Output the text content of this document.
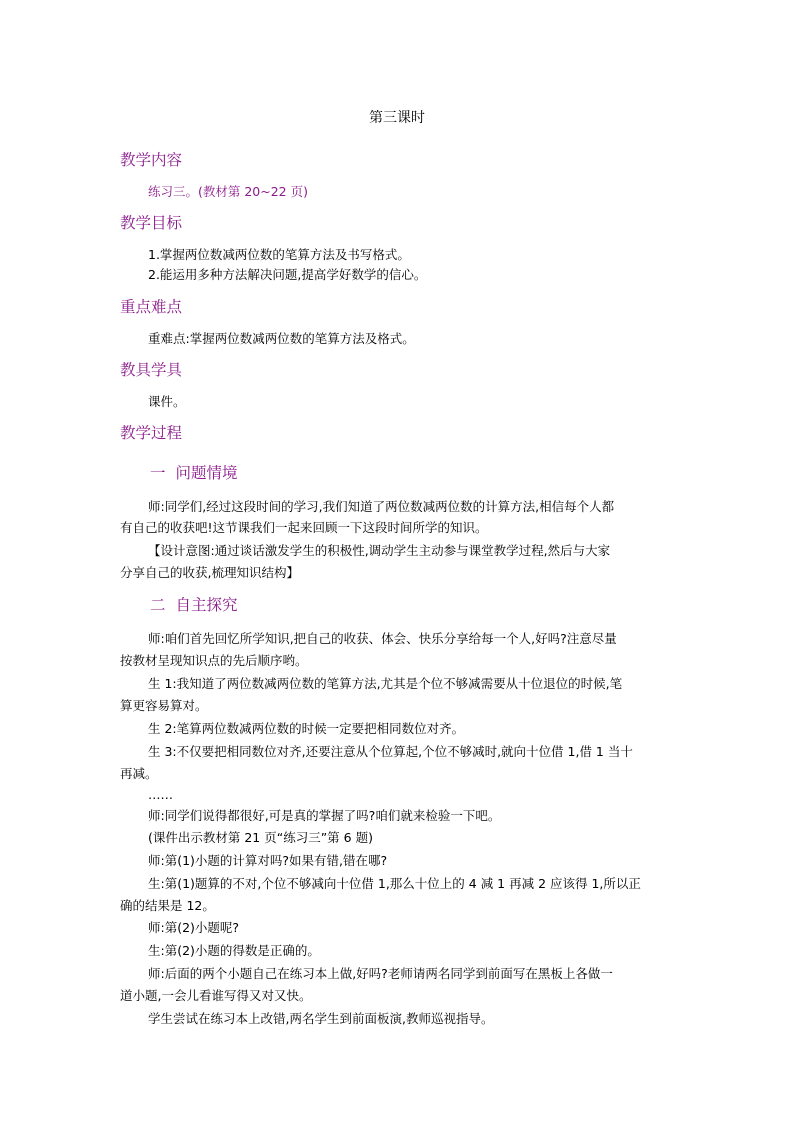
第三课时
教学内容
练习三。(教材第 20~22 页)
教学目标
1.掌握两位数减两位数的笔算方法及书写格式。
2.能运用多种方法解决问题,提高学好数学的信心。
重点难点
重难点:掌握两位数减两位数的笔算方法及格式。
教具学具
课件。
教学过程
一 问题情境
师:同学们,经过这段时间的学习,我们知道了两位数减两位数的计算方法,相信每个人都
有自己的收获吧!这节课我们一起来回顾一下这段时间所学的知识。
【设计意图:通过谈话激发学生的积极性,调动学生主动参与课堂教学过程,然后与大家
分享自己的收获,梳理知识结构】
二 自主探究
师:咱们首先回忆所学知识,把自己的收获、体会、快乐分享给每一个人,好吗?注意尽量
按教材呈现知识点的先后顺序哟。
生 1:我知道了两位数减两位数的笔算方法,尤其是个位不够减需要从十位退位的时候,笔
算更容易算对。
生 2:笔算两位数减两位数的时候一定要把相同数位对齐。
生 3:不仅要把相同数位对齐,还要注意从个位算起,个位不够减时,就向十位借 1,借 1 当十
再减。
……
师:同学们说得都很好,可是真的掌握了吗?咱们就来检验一下吧。
(课件出示教材第 21 页“练习三”第 6 题)
师:第(1)小题的计算对吗?如果有错,错在哪?
生:第(1)题算的不对,个位不够减向十位借 1,那么十位上的 4 减 1 再减 2 应该得 1,所以正
确的结果是 12。
师:第(2)小题呢?
生:第(2)小题的得数是正确的。
师:后面的两个小题自己在练习本上做,好吗?老师请两名同学到前面写在黑板上各做一
道小题,一会儿看谁写得又对又快。
学生尝试在练习本上改错,两名学生到前面板演,教师巡视指导。
